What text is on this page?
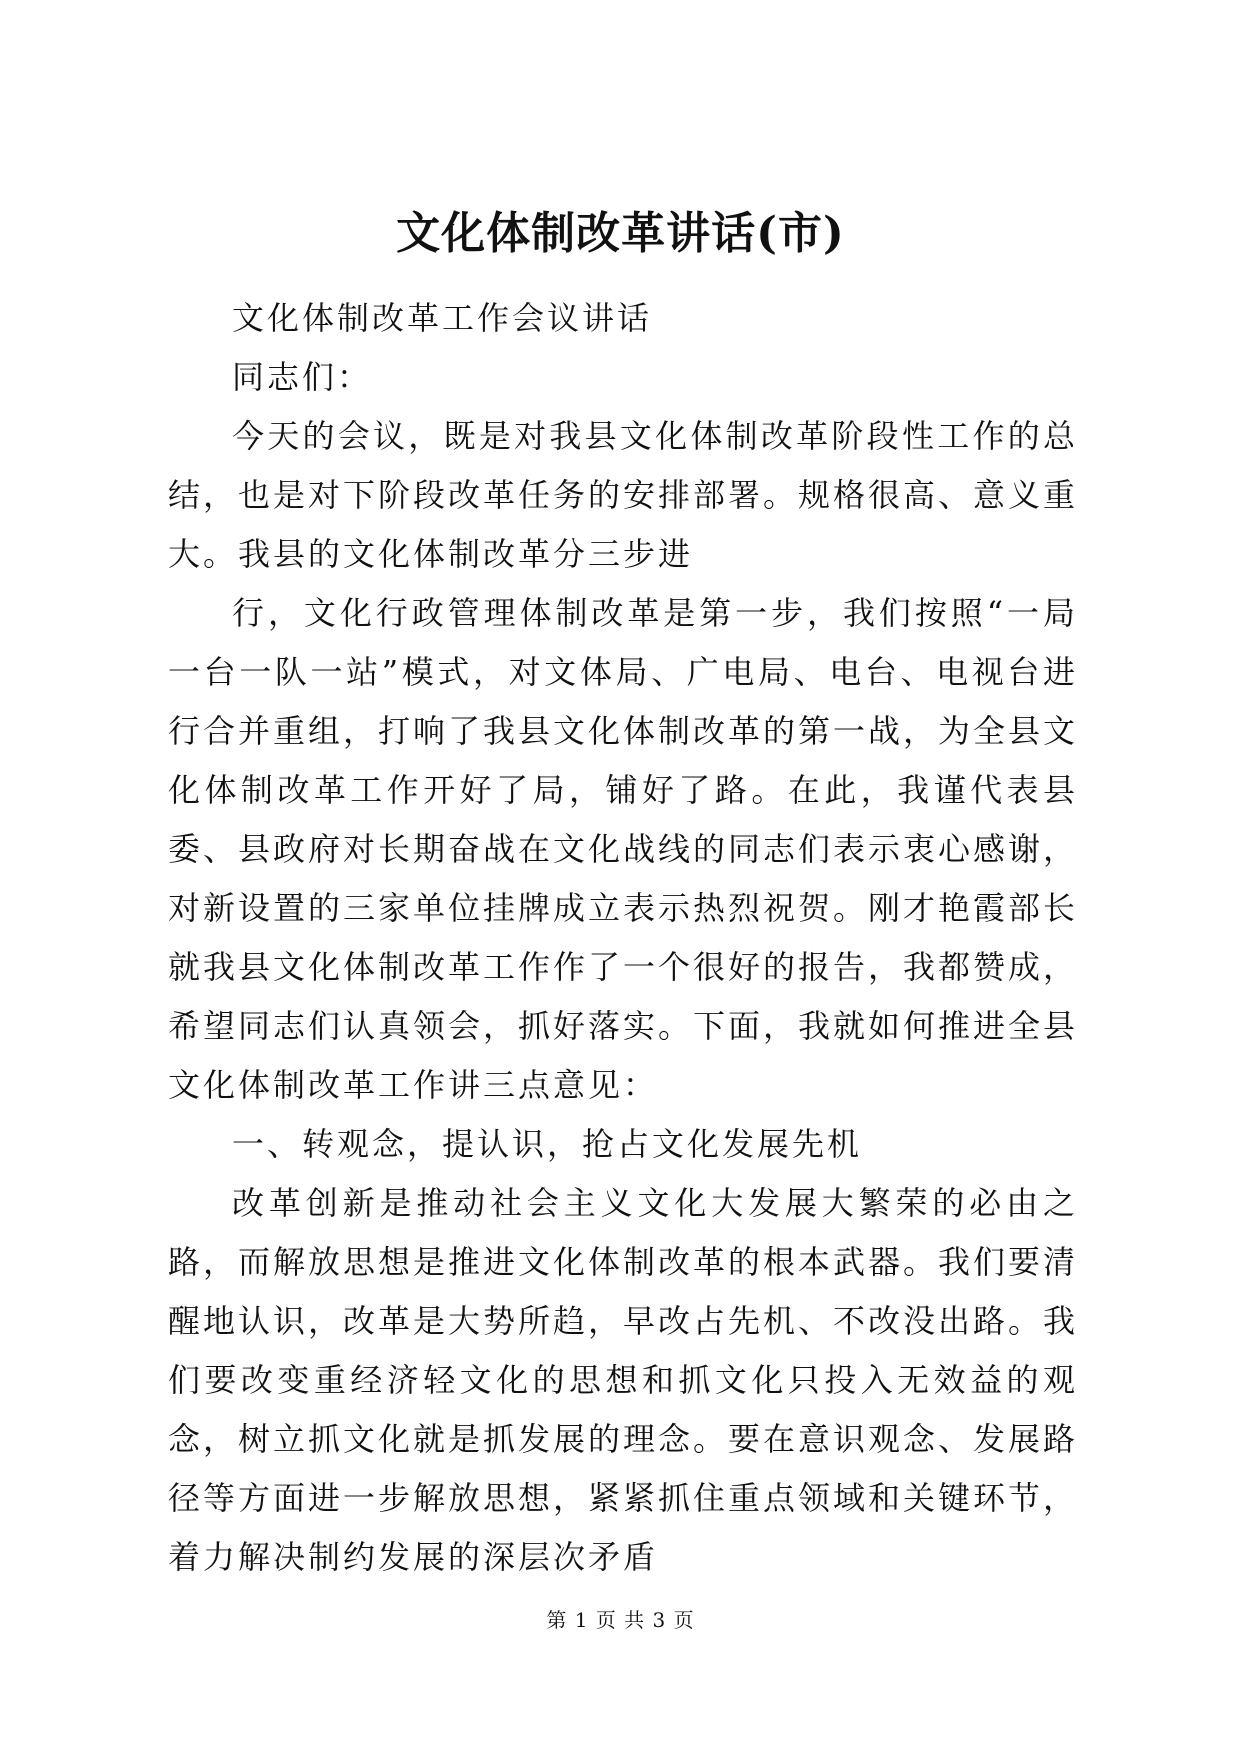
文化体制改革讲话(市)

文化体制改革工作会议讲话

同志们：

今天的会议，既是对我县文化体制改革阶段性工作的总结，也是对下阶段改革任务的安排部署。规格很高、意义重大。我县的文化体制改革分三步进

行，文化行政管理体制改革是第一步，我们按照“一局一台一队一站”模式，对文体局、广电局、电台、电视台进行合并重组，打响了我县文化体制改革的第一战，为全县文化体制改革工作开好了局，铺好了路。在此，我谨代表县委、县政府对长期奋战在文化战线的同志们表示衷心感谢，对新设置的三家单位挂牌成立表示热烈祝贺。刚才艳霞部长就我县文化体制改革工作作了一个很好的报告，我都赞成，希望同志们认真领会，抓好落实。下面，我就如何推进全县文化体制改革工作讲三点意见：

一、转观念，提认识，抢占文化发展先机

改革创新是推动社会主义文化大发展大繁荣的必由之路，而解放思想是推进文化体制改革的根本武器。我们要清醒地认识，改革是大势所趋，早改占先机、不改没出路。我们要改变重经济轻文化的思想和抓文化只投入无效益的观念，树立抓文化就是抓发展的理念。要在意识观念、发展路径等方面进一步解放思想，紧紧抓住重点领域和关键环节，着力解决制约发展的深层次矛盾

第 1 页 共 3 页
